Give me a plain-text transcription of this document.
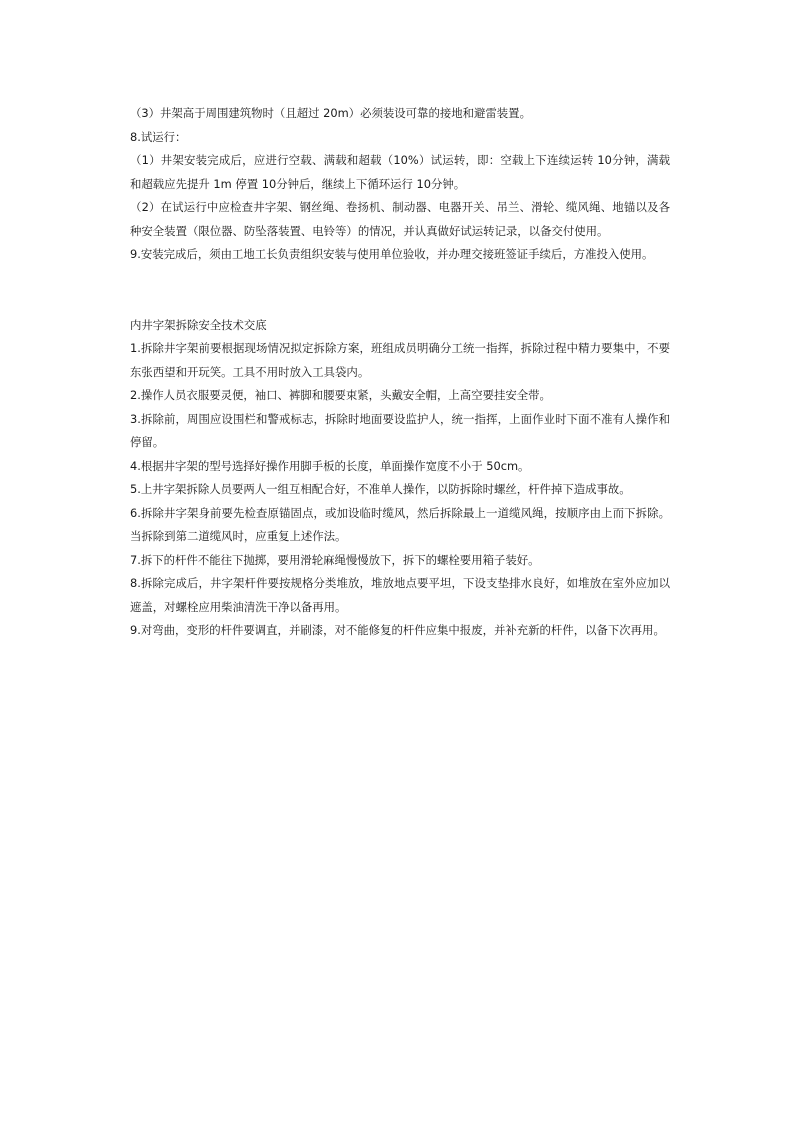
（3）井架高于周围建筑物时（且超过 20m）必须装设可靠的接地和避雷装置。

8.试运行：

（1）井架安装完成后，应进行空载、满载和超载（10%）试运转，即：空载上下连续运转 10分钟，满载和超载应先提升 1m 停置 10分钟后，继续上下循环运行 10分钟。

（2）在试运行中应检查井字架、钢丝绳、卷扬机、制动器、电器开关、吊兰、滑轮、缆风绳、地锚以及各种安全装置（限位器、防坠落装置、电铃等）的情况，并认真做好试运转记录，以备交付使用。

9.安装完成后，须由工地工长负责组织安装与使用单位验收，并办理交接班签证手续后，方准投入使用。

内井字架拆除安全技术交底

1.拆除井字架前要根据现场情况拟定拆除方案，班组成员明确分工统一指挥，拆除过程中精力要集中，不要东张西望和开玩笑。工具不用时放入工具袋内。

2.操作人员衣服要灵便，袖口、裤脚和腰要束紧，头戴安全帽，上高空要挂安全带。

3.拆除前，周围应设围栏和警戒标志，拆除时地面要设监护人，统一指挥，上面作业时下面不准有人操作和停留。

4.根据井字架的型号选择好操作用脚手板的长度，单面操作宽度不小于 50cm。

5.上井字架拆除人员要两人一组互相配合好，不准单人操作，以防拆除时螺丝，杆件掉下造成事故。

6.拆除井字架身前要先检查原锚固点，或加设临时缆风，然后拆除最上一道缆风绳，按顺序由上而下拆除。当拆除到第二道缆风时，应重复上述作法。

7.拆下的杆件不能往下抛掷，要用滑轮麻绳慢慢放下，拆下的螺栓要用箱子装好。

8.拆除完成后，井字架杆件要按规格分类堆放，堆放地点要平坦，下设支垫排水良好，如堆放在室外应加以遮盖，对螺栓应用柴油清洗干净以备再用。

9.对弯曲，变形的杆件要调直，并刷漆，对不能修复的杆件应集中报废，并补充新的杆件，以备下次再用。
